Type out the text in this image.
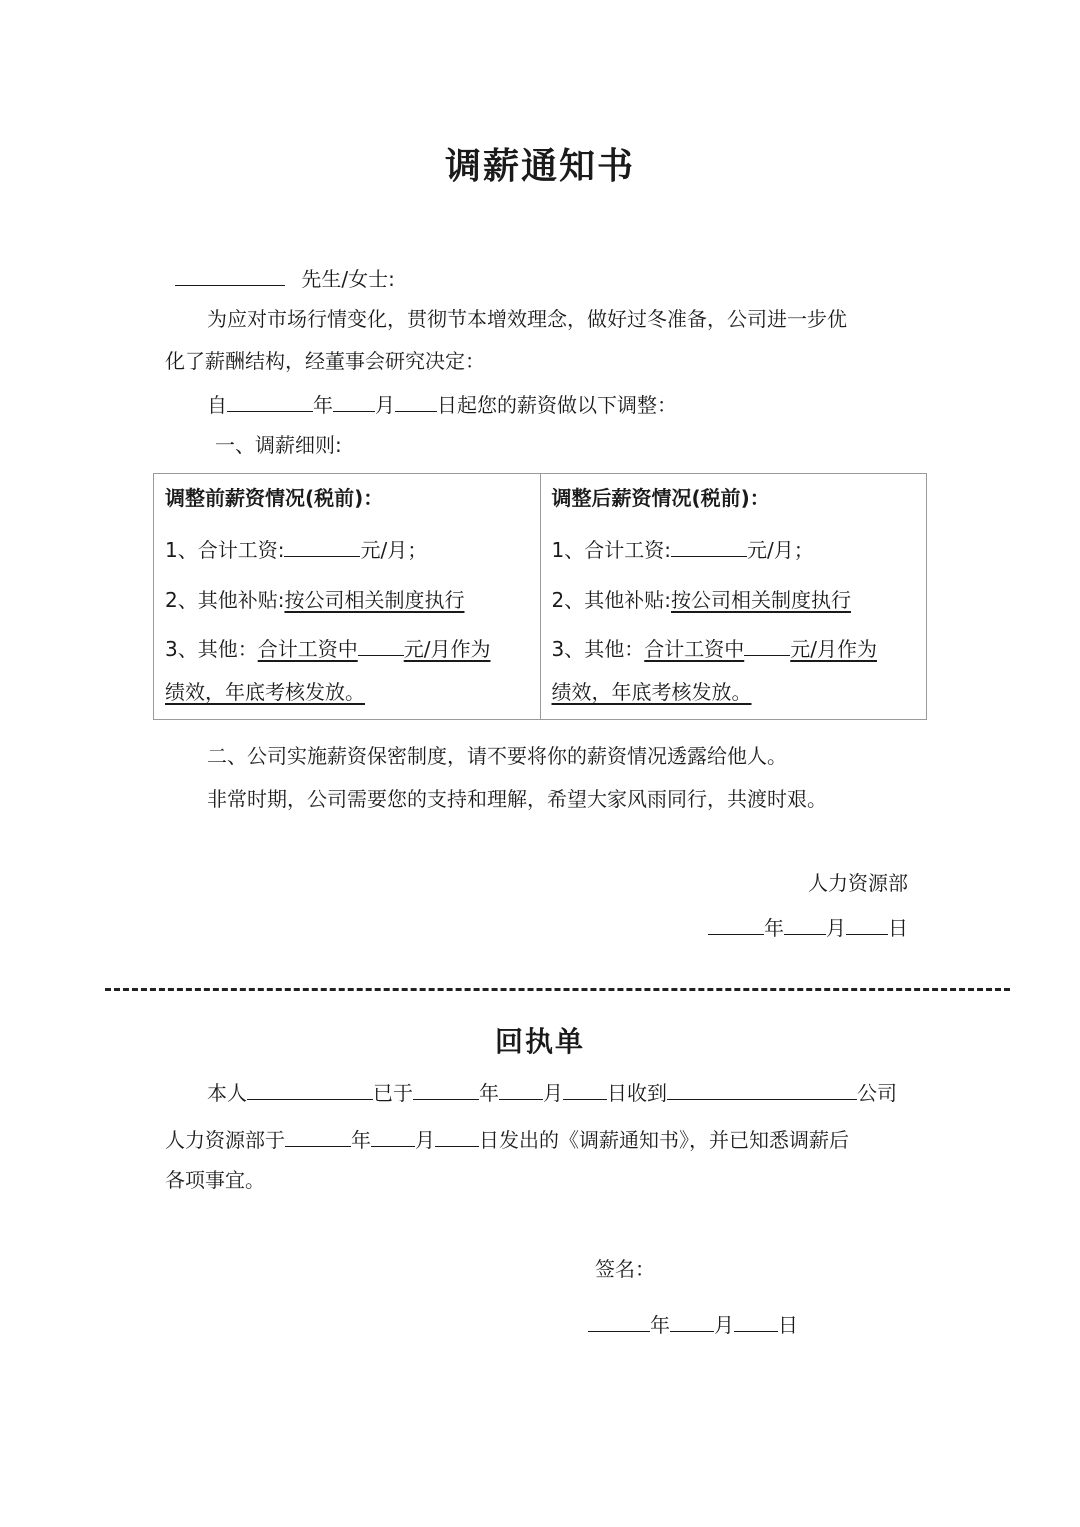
调薪通知书
先生/女士:
为应对市场行情变化，贯彻节本增效理念，做好过冬准备，公司进一步优
化了薪酬结构，经董事会研究决定：
自	年 月 日起您的薪资做以下调整：
一、调薪细则:
调整前薪资情况(税前)：
1、合计工资:	元/月；
2、其他补贴:按公司相关制度执行
3、其他：合计工资中 元/月作为
绩效，年底考核发放。

调整后薪资情况(税前)：
1、合计工资:	元/月；
2、其他补贴:按公司相关制度执行
3、其他：合计工资中 元/月作为
绩效，年底考核发放。
二、公司实施薪资保密制度，请不要将你的薪资情况透露给他人。
非常时期，公司需要您的支持和理解，希望大家风雨同行，共渡时艰。
人力资源部
年 月 日
回执单
本人	已于	年 月 日收到	公司
人力资源部于	年 月 日发出的《调薪通知书》，并已知悉调薪后
各项事宜。
签名：
年 月 日
